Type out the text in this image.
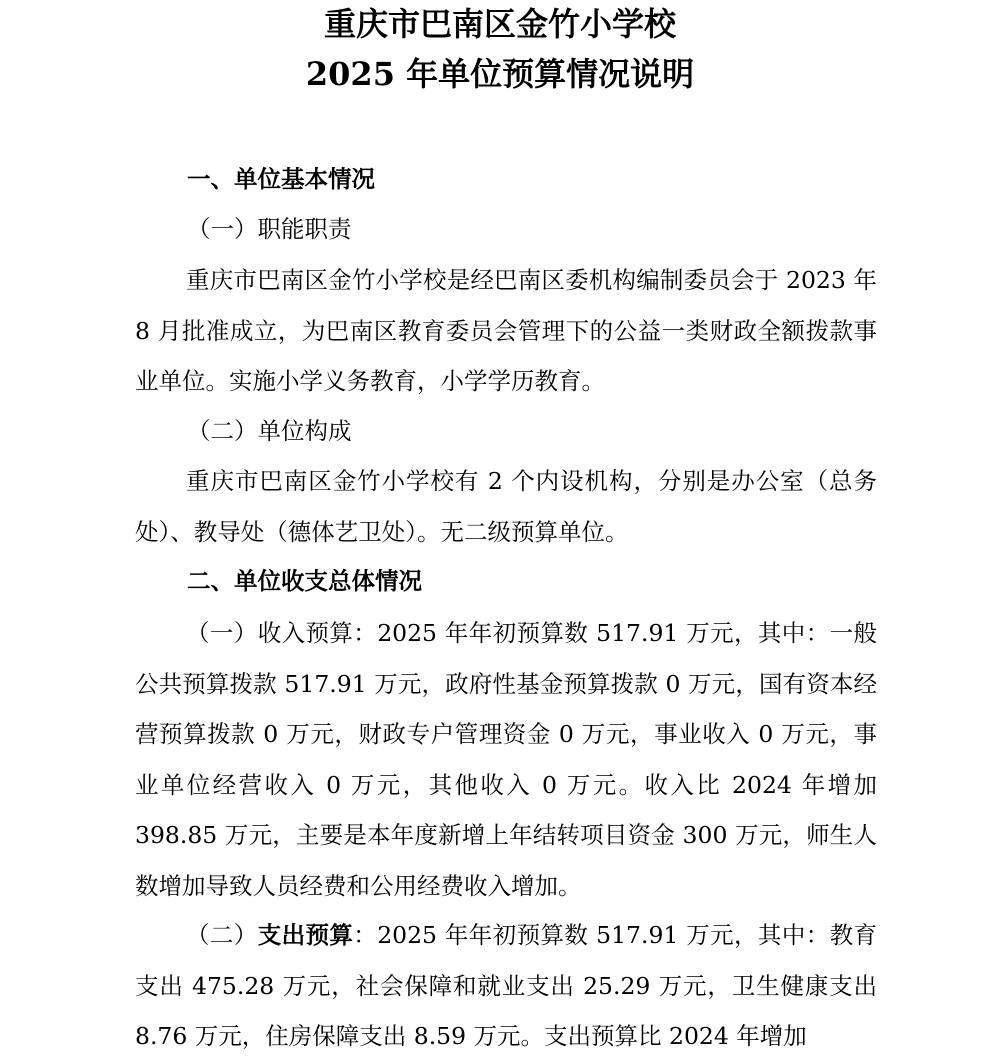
重庆市巴南区金竹小学校
2025 年单位预算情况说明

一、单位基本情况

（一）职能职责

重庆市巴南区金竹小学校是经巴南区委机构编制委员会于 2023 年 8 月批准成立，为巴南区教育委员会管理下的公益一类财政全额拨款事业单位。实施小学义务教育，小学学历教育。

（二）单位构成

重庆市巴南区金竹小学校有 2 个内设机构，分别是办公室（总务处）、教导处（德体艺卫处）。无二级预算单位。

二、单位收支总体情况

（一）收入预算：2025 年年初预算数 517.91 万元，其中：一般公共预算拨款 517.91 万元，政府性基金预算拨款 0 万元，国有资本经营预算拨款 0 万元，财政专户管理资金 0 万元，事业收入 0 万元，事业单位经营收入 0 万元，其他收入 0 万元。收入比 2024 年增加 398.85 万元，主要是本年度新增上年结转项目资金 300 万元，师生人数增加导致人员经费和公用经费收入增加。

（二）支出预算：2025 年年初预算数 517.91 万元，其中：教育支出 475.28 万元，社会保障和就业支出 25.29 万元，卫生健康支出 8.76 万元，住房保障支出 8.59 万元。支出预算比 2024 年增加
